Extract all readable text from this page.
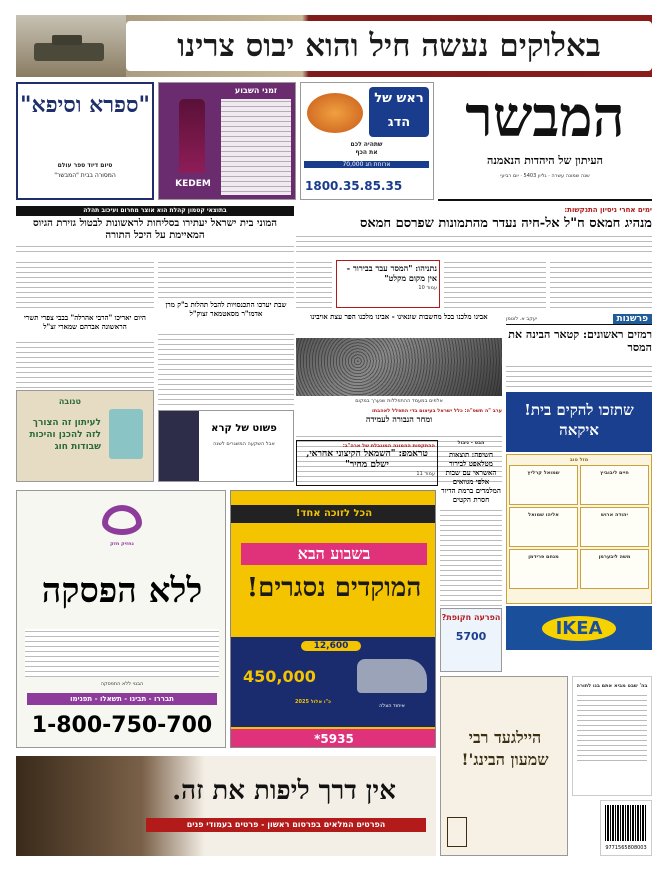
באלוקים נעשה חיל והוא יבוס צרינו
המבשר
העיתון של היהדות הנאמנה
שנה שמונה עשרה · גליון 5403 · יום רביעי
ראש של הדג
שתהיה לכם
את הכף
ארוחת חג 70,000
1800.35.85.35
זמני השבוע
KEDEM
"ספרא וסיפא"
סיום דיוד ספר עולם
המסורה בבית "המבשר"
ימים אחרי ניסיון התנקשות:
מנהיג חמאס ח"ל אל-חיה נעדר מהתמונות שפרסם חמאס
בתוצאי קטמון קהלת הוא אוצר מחרום ועיכוב תהלה
המוני בית ישראל יעתירו בסליחות לראשונות לבטול גזירת הגיוס המאיימת על היכל התורה
נתניהו: "המסר עבר בבירור - אין מקום מקלט"
עמוד 10
שבת יערכו התכנסויות להבל תהלות ב"ק מרן אדמו"ר מסאטמאר זצוק"ל
היום יאריכו "הרבי אהרלה" בבבי צפרי תשרי הראשונה אברהם שמארי זצ"ל
פרשנות
יעקב א. לוטמן
רמזים ראשונים: קטאר הבינה את המסר
אבינו מלכנו בכל מחשבות שונאינו - אבינו מלכנו הפר עצת אויבינו
אלפים במעמד ההתפללות שנערך במקום
ערב "ה תשפ"ה: כלל ישראל בעיצום בדי התפלל לאהבתו
ומחר הנבורה לעמידה	שתזכו להקים בית! איקאה
טנובה
לעיתון זה הצורך לזה להכנן והיכות שבודות חוג
פשוט של קרא
אבל השקעה המשגרים לשנה	ההתקפות ההמונה המוגבלת של ארה"ב:
טראמפ: "השמאל הקיצוני אחראי, ישלם מחיר"
עמוד 11
הבט - ניבול
חשיפה: תוצאות מטלאפט לבירור האשראי עם שבות אלפי מגוואים המלמדים ברמת הדיור חסרת הקטים
מזל טוב
חיים ליבוביץ
שמואל קרליץ
יהודה ארוש
אליהו שמואל
משה ליבערמן
מנחם פרידמן
IKEA
הפרעה חקופת?
5700
נחזיק חזק
ללא הפסקה
הבנוי ללא התפסקה
תבררו - תבינו - תשאלו - תפנימו
1-800-750-700
הכל לזוכה אחד!
בשבוע הבא
המוקדים נסגרים!
12,600
450,000
כ"ו אלול 2025
איחוד הצלה
*5935	היילגעד רבי שמעון הבינג'!
בה' שבט מביא אתם בנו לתורה
9771565808003
אין דרך ליפות את זה.
הפרטים המלאים בפרסום ראשון - פרטים בעמודי פנים
